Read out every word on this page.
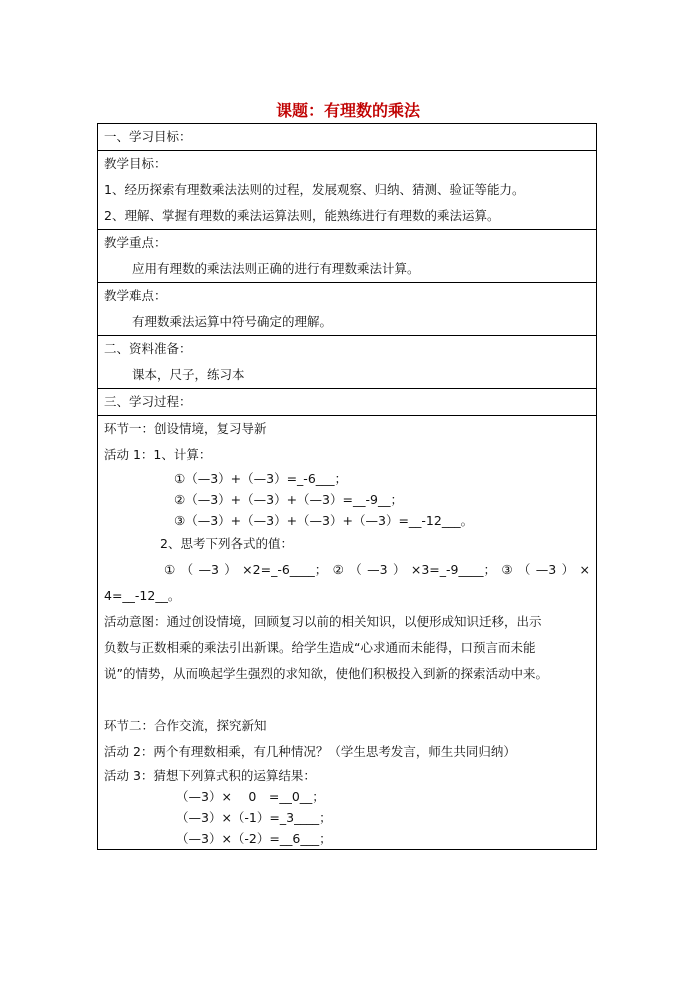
课题：有理数的乘法
一、学习目标：

教学目标：
1、经历探索有理数乘法法则的过程，发展观察、归纳、猜测、验证等能力。
2、理解、掌握有理数的乘法运算法则，能熟练进行有理数的乘法运算。

教学重点：
应用有理数的乘法法则正确的进行有理数乘法计算。

教学难点：
有理数乘法运算中符号确定的理解。

二、资料准备：
课本，尺子，练习本

三、学习过程：

环节一：创设情境，复习导新
活动 1：1、计算：
①（—3）+（—3）=_-6___；
②（—3）+（—3）+（—3）=__-9__；
③（—3）+（—3）+（—3）+（—3）=__-12___。
2、思考下列各式的值：
①（—3）×2=_-6____；②（—3）×3=_-9____；③（—3）×
4=__-12__。
活动意图：通过创设情境，回顾复习以前的相关知识，以便形成知识迁移，出示
负数与正数相乘的乘法引出新课。给学生造成“心求通而未能得，口预言而未能
说”的情势，从而唤起学生强烈的求知欲，使他们积极投入到新的探索活动中来。
环节二：合作交流，探究新知
活动 2：两个有理数相乘，有几种情况？（学生思考发言，师生共同归纳）
活动 3：猜想下列算式积的运算结果：
（—3）×　 0　=__0__；
（—3）×（-1）=_3____；
（—3）×（-2）=__6___；
